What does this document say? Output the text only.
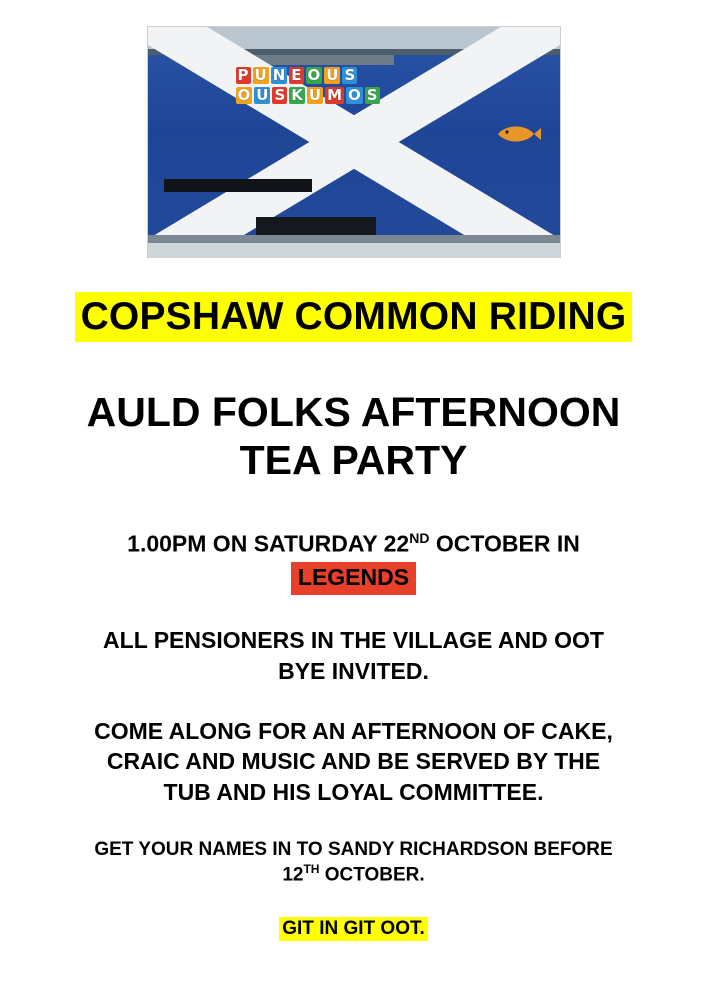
P U N E O U S
O U S K U M O S
COPSHAW COMMON RIDING
AULD FOLKS AFTERNOON
TEA PARTY
1.00PM ON SATURDAY 22ND OCTOBER IN
LEGENDS
ALL PENSIONERS IN THE VILLAGE AND OOT
BYE INVITED.
COME ALONG FOR AN AFTERNOON OF CAKE,
CRAIC AND MUSIC AND BE SERVED BY THE
TUB AND HIS LOYAL COMMITTEE.
GET YOUR NAMES IN TO SANDY RICHARDSON BEFORE
12TH OCTOBER.
GIT IN GIT OOT.
